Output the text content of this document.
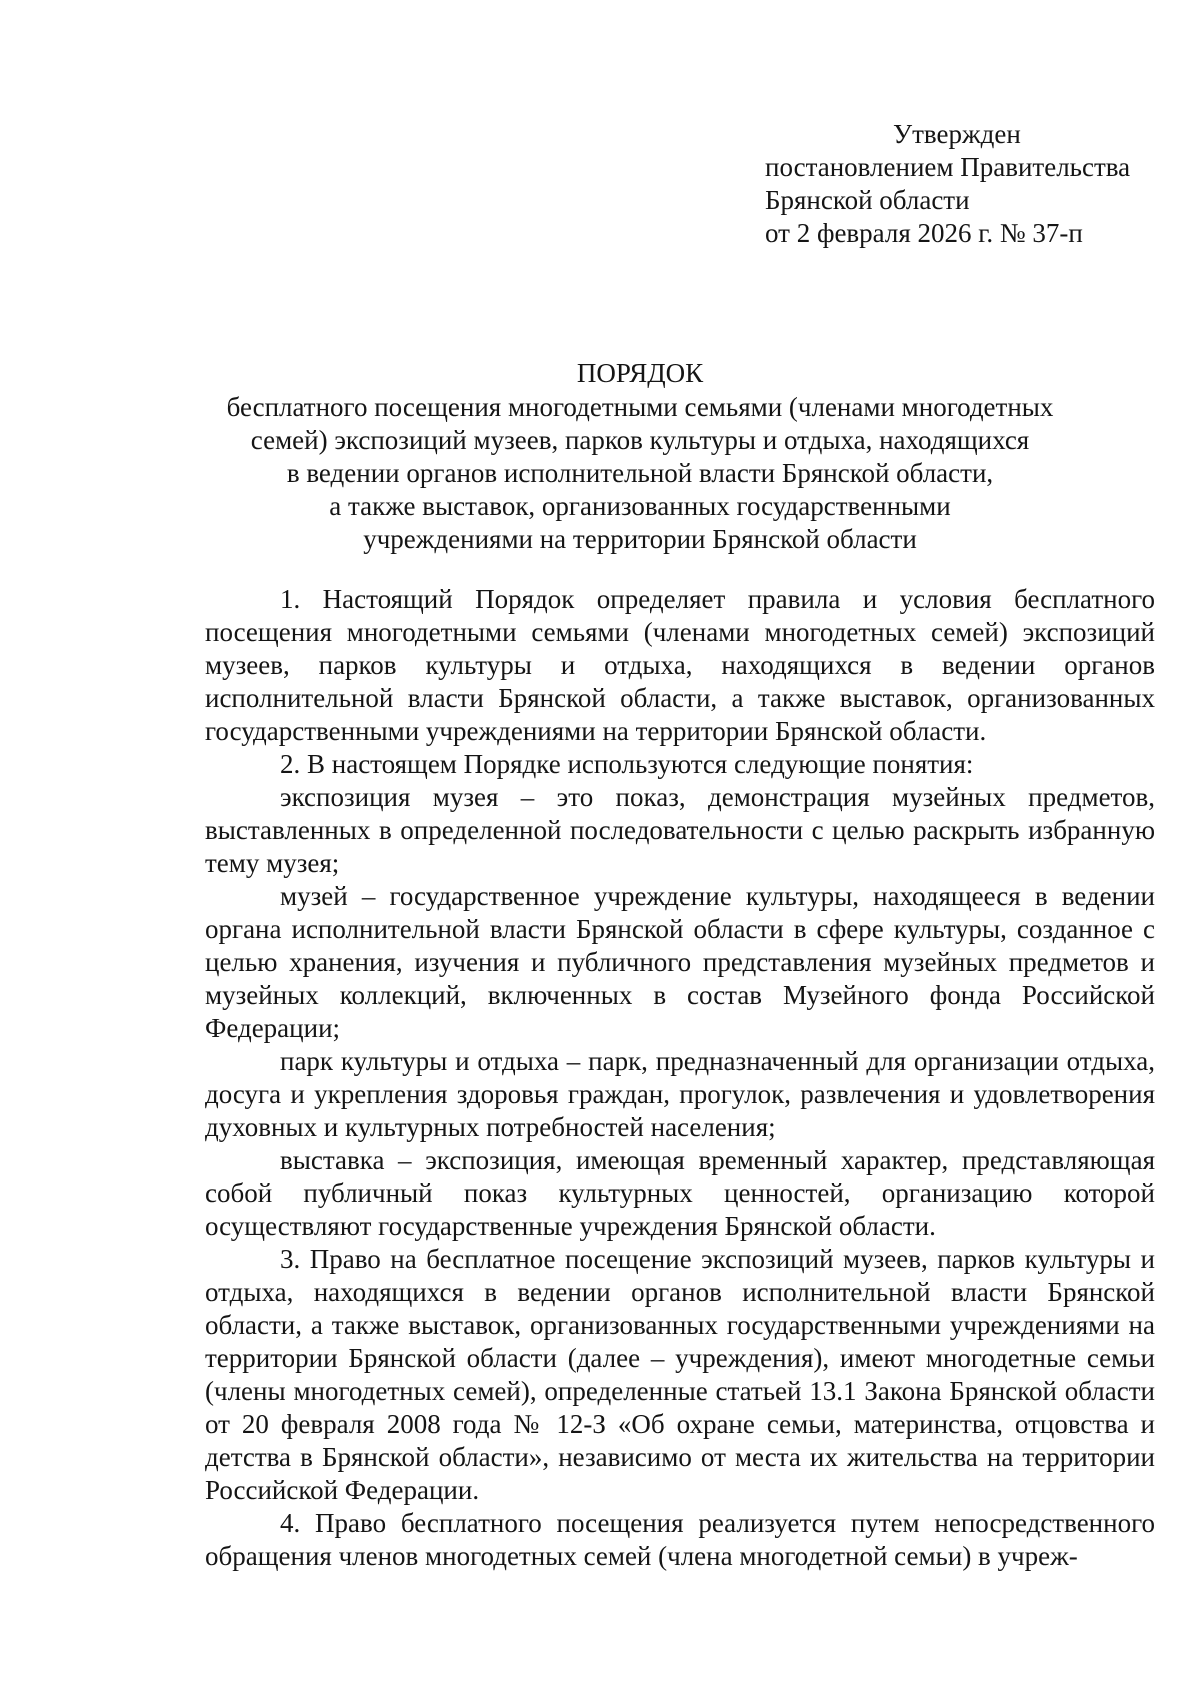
Утвержден
постановлением Правительства
Брянской области
от 2 февраля 2026 г. № 37-п
ПОРЯДОК
бесплатного посещения многодетными семьями (членами многодетных
семей) экспозиций музеев, парков культуры и отдыха, находящихся
в ведении органов исполнительной власти Брянской области,
а также выставок, организованных государственными
учреждениями на территории Брянской области

1. Настоящий Порядок определяет правила и условия бесплатного посещения многодетными семьями (членами многодетных семей) экспозиций музеев, парков культуры и отдыха, находящихся в ведении органов исполнительной власти Брянской области, а также выставок, организованных государственными учреждениями на территории Брянской области.

2. В настоящем Порядке используются следующие понятия:

экспозиция музея – это показ, демонстрация музейных предметов, выставленных в определенной последовательности с целью раскрыть избранную тему музея;

музей – государственное учреждение культуры, находящееся в ведении органа исполнительной власти Брянской области в сфере культуры, созданное с целью хранения, изучения и публичного представления музейных предметов и музейных коллекций, включенных в состав Музейного фонда Российской Федерации;

парк культуры и отдыха – парк, предназначенный для организации отдыха, досуга и укрепления здоровья граждан, прогулок, развлечения и удовлетворения духовных и культурных потребностей населения;

выставка – экспозиция, имеющая временный характер, представляющая собой публичный показ культурных ценностей, организацию которой осуществляют государственные учреждения Брянской области.

3. Право на бесплатное посещение экспозиций музеев, парков культуры и отдыха, находящихся в ведении органов исполнительной власти Брянской области, а также выставок, организованных государственными учреждениями на территории Брянской области (далее – учреждения), имеют многодетные семьи (члены многодетных семей), определенные статьей 13.1 Закона Брянской области от 20 февраля 2008 года № 12-З «Об охране семьи, материнства, отцовства и детства в Брянской области», независимо от места их жительства на территории Российской Федерации.

4. Право бесплатного посещения реализуется путем непосредственного обращения членов многодетных семей (члена многодетной семьи) в учреж-
